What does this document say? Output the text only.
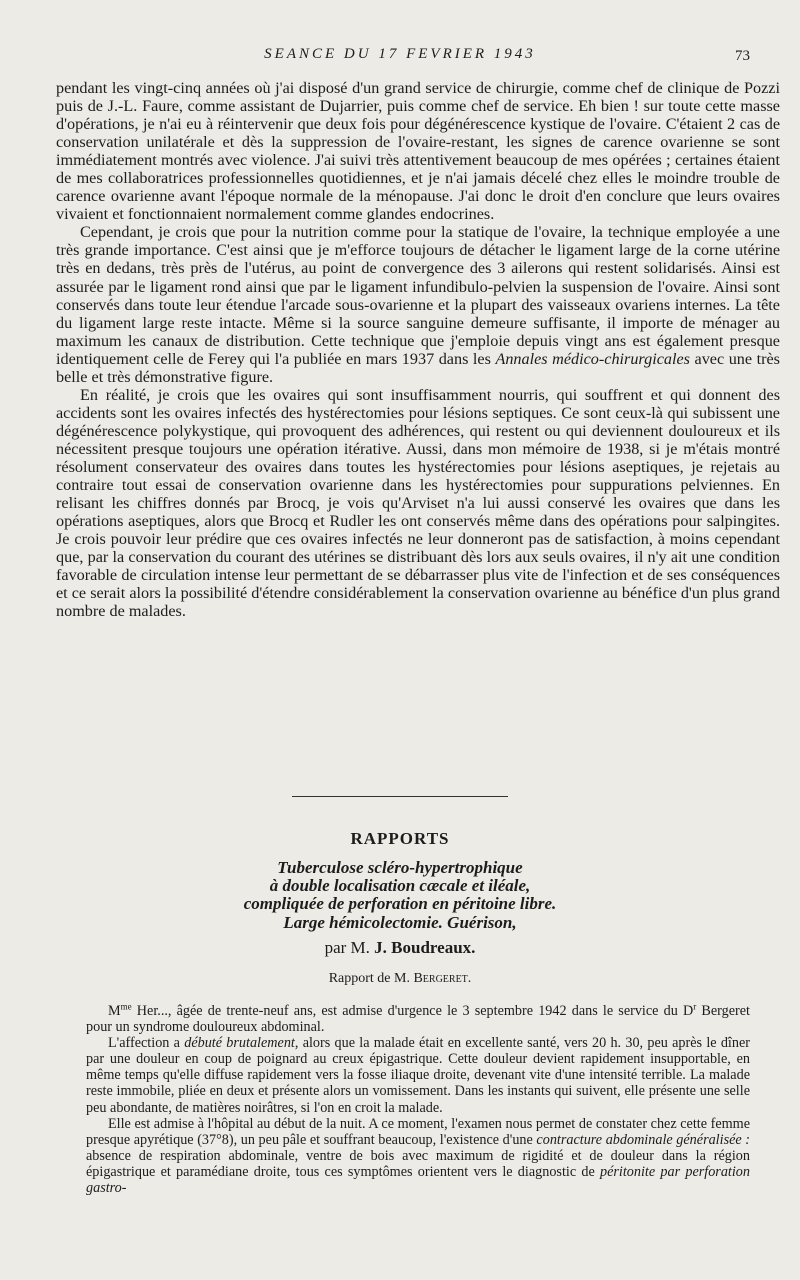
SEANCE DU 17 FEVRIER 1943	73

pendant les vingt-cinq années où j'ai disposé d'un grand service de chirurgie, comme chef de clinique de Pozzi puis de J.-L. Faure, comme assistant de Dujarrier, puis comme chef de service. Eh bien ! sur toute cette masse d'opérations, je n'ai eu à réintervenir que deux fois pour dégénérescence kystique de l'ovaire. C'étaient 2 cas de conservation unilatérale et dès la suppression de l'ovaire-restant, les signes de carence ovarienne se sont immédiatement montrés avec violence. J'ai suivi très attentivement beaucoup de mes opérées ; certaines étaient de mes collaboratrices professionnelles quotidiennes, et je n'ai jamais décelé chez elles le moindre trouble de carence ovarienne avant l'époque normale de la ménopause. J'ai donc le droit d'en conclure que leurs ovaires vivaient et fonctionnaient normalement comme glandes endocrines.

Cependant, je crois que pour la nutrition comme pour la statique de l'ovaire, la technique employée a une très grande importance. C'est ainsi que je m'efforce toujours de détacher le ligament large de la corne utérine très en dedans, très près de l'utérus, au point de convergence des 3 ailerons qui restent solidarisés. Ainsi est assurée par le ligament rond ainsi que par le ligament infundibulo-pelvien la suspension de l'ovaire. Ainsi sont conservés dans toute leur étendue l'arcade sous-ovarienne et la plupart des vaisseaux ovariens internes. La tête du ligament large reste intacte. Même si la source sanguine demeure suffisante, il importe de ménager au maximum les canaux de distribution. Cette technique que j'emploie depuis vingt ans est également presque identiquement celle de Ferey qui l'a publiée en mars 1937 dans les Annales médico-chirurgicales avec une très belle et très démonstrative figure.

En réalité, je crois que les ovaires qui sont insuffisamment nourris, qui souffrent et qui donnent des accidents sont les ovaires infectés des hystérectomies pour lésions septiques. Ce sont ceux-là qui subissent une dégénérescence polykystique, qui provoquent des adhérences, qui restent ou qui deviennent douloureux et ils nécessitent presque toujours une opération itérative. Aussi, dans mon mémoire de 1938, si je m'étais montré résolument conservateur des ovaires dans toutes les hystérectomies pour lésions aseptiques, je rejetais au contraire tout essai de conservation ovarienne dans les hystérectomies pour suppurations pelviennes. En relisant les chiffres donnés par Brocq, je vois qu'Arviset n'a lui aussi conservé les ovaires que dans les opérations aseptiques, alors que Brocq et Rudler les ont conservés même dans des opérations pour salpingites. Je crois pouvoir leur prédire que ces ovaires infectés ne leur donneront pas de satisfaction, à moins cependant que, par la conservation du courant des utérines se distribuant dès lors aux seuls ovaires, il n'y ait une condition favorable de circulation intense leur permettant de se débarrasser plus vite de l'infection et de ses conséquences et ce serait alors la possibilité d'étendre considérablement la conservation ovarienne au bénéfice d'un plus grand nombre de malades.

RAPPORTS
Tuberculose scléro-hypertrophique
à double localisation cæcale et iléale,
compliquée de perforation en péritoine libre.
Large hémicolectomie. Guérison,
par M. J. Boudreaux.
Rapport de M. Bergeret.

$M^{me}$ Her..., âgée de trente-neuf ans, est admise d'urgence le 3 septembre 1942 dans le service du $D^r$ Bergeret pour un syndrome douloureux abdominal.

L'affection a débuté brutalement, alors que la malade était en excellente santé, vers 20 h. 30, peu après le dîner par une douleur en coup de poignard au creux épigastrique. Cette douleur devient rapidement insupportable, en même temps qu'elle diffuse rapidement vers la fosse iliaque droite, devenant vite d'une intensité terrible. La malade reste immobile, pliée en deux et présente alors un vomissement. Dans les instants qui suivent, elle présente une selle peu abondante, de matières noirâtres, si l'on en croit la malade.

Elle est admise à l'hôpital au début de la nuit. A ce moment, l'examen nous permet de constater chez cette femme presque apyrétique (37°8), un peu pâle et souffrant beaucoup, l'existence d'une contracture abdominale généralisée : absence de respiration abdominale, ventre de bois avec maximum de rigidité et de douleur dans la région épigastrique et paramédiane droite, tous ces symptômes orientent vers le diagnostic de péritonite par perforation gastro-
